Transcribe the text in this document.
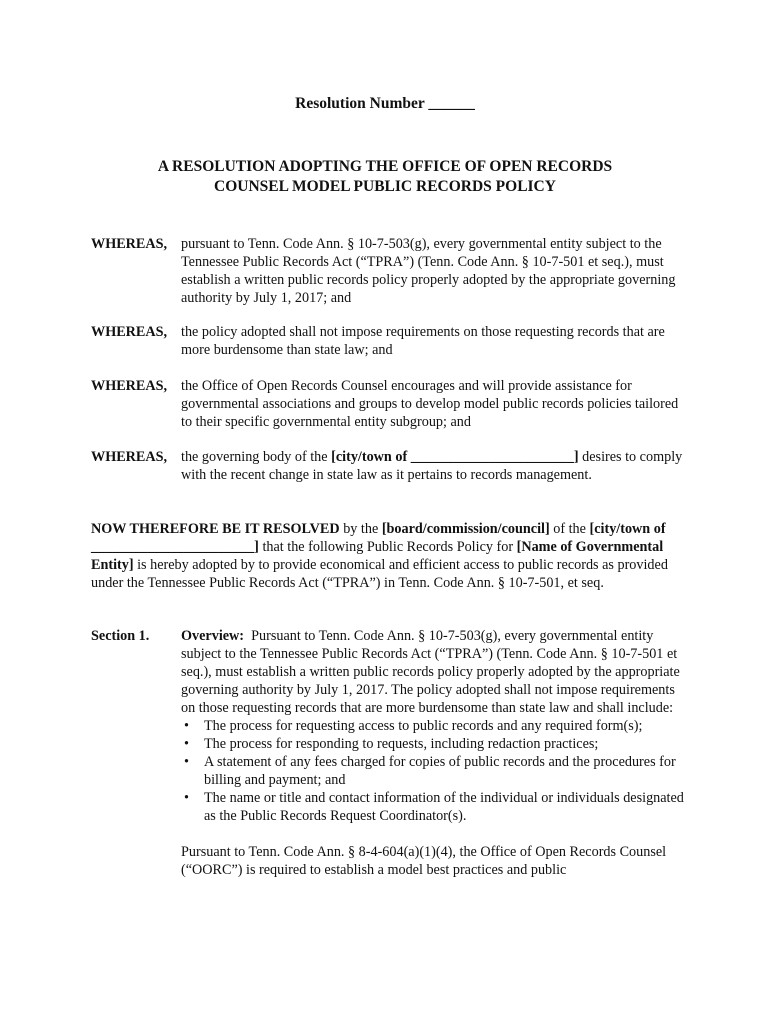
Resolution Number ______
A RESOLUTION ADOPTING THE OFFICE OF OPEN RECORDS
COUNSEL MODEL PUBLIC RECORDS POLICY
WHEREAS, pursuant to Tenn. Code Ann. § 10-7-503(g), every governmental entity subject to the Tennessee Public Records Act (“TPRA”) (Tenn. Code Ann. § 10-7-501 et seq.), must establish a written public records policy properly adopted by the appropriate governing authority by July 1, 2017; and
WHEREAS, the policy adopted shall not impose requirements on those requesting records that are more burdensome than state law; and
WHEREAS, the Office of Open Records Counsel encourages and will provide assistance for governmental associations and groups to develop model public records policies tailored to their specific governmental entity subgroup; and
WHEREAS, the governing body of the [city/town of _______________________] desires to comply with the recent change in state law as it pertains to records management.
NOW THEREFORE BE IT RESOLVED by the [board/commission/council] of the [city/town of _______________________] that the following Public Records Policy for [Name of Governmental Entity] is hereby adopted by to provide economical and efficient access to public records as provided under the Tennessee Public Records Act (“TPRA”) in Tenn. Code Ann. § 10-7-501, et seq.
Section 1. Overview: Pursuant to Tenn. Code Ann. § 10-7-503(g), every governmental entity subject to the Tennessee Public Records Act (“TPRA”) (Tenn. Code Ann. § 10-7-501 et seq.), must establish a written public records policy properly adopted by the appropriate governing authority by July 1, 2017. The policy adopted shall not impose requirements on those requesting records that are more burdensome than state law and shall include:
• The process for requesting access to public records and any required form(s);
• The process for responding to requests, including redaction practices;
• A statement of any fees charged for copies of public records and the procedures for billing and payment; and
• The name or title and contact information of the individual or individuals designated as the Public Records Request Coordinator(s).
Pursuant to Tenn. Code Ann. § 8-4-604(a)(1)(4), the Office of Open Records Counsel (“OORC”) is required to establish a model best practices and public
